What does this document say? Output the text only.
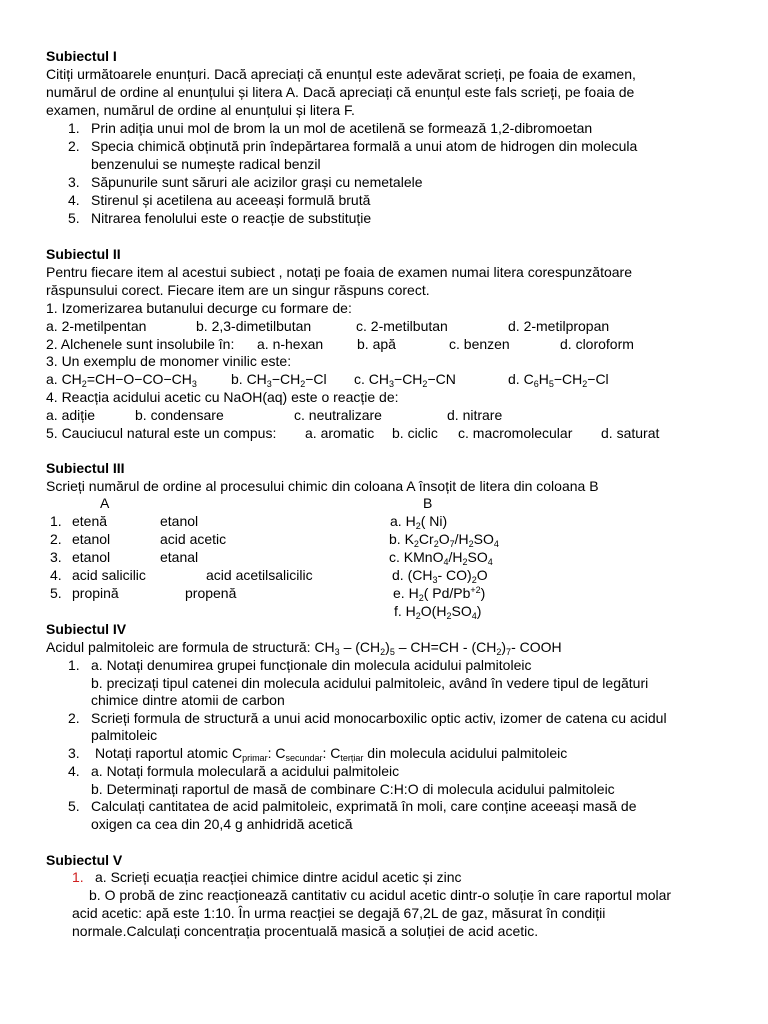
Subiectul I
Citiți următoarele enunțuri. Dacă apreciați că enunțul este adevărat scrieți, pe foaia de examen,
numărul de ordine al enunțului și litera A. Dacă apreciați că enunțul este fals scrieți, pe foaia de
examen, numărul de ordine al enunțului și litera F.
1. Prin adiția unui mol de brom la un mol de acetilenă se formează 1,2-dibromoetan
2. Specia chimică obținută prin îndepărtarea formală a unui atom de hidrogen din molecula
benzenului se numește radical benzil
3. Săpunurile sunt săruri ale acizilor grași cu nemetalele
4. Stirenul și acetilena au aceeași formulă brută
5. Nitrarea fenolului este o reacție de substituție
Subiectul II
Pentru fiecare item al acestui subiect , notați pe foaia de examen numai litera corespunzătoare
răspunsului corect. Fiecare item are un singur răspuns corect.
1. Izomerizarea butanului decurge cu formare de:
a. 2-metilpentan	b. 2,3-dimetilbutan	c. 2-metilbutan	d. 2-metilpropan
2. Alchenele sunt insolubile în: a. n-hexan b. apă	c. benzen	d. cloroform
3. Un exemplu de monomer vinilic este:
a. $CH_2=CH-O-CO-CH_3$ b. $CH_3-CH_2-Cl$ c. $CH_3-CH_2-CN$	d. $C_6H_5-CH_2-Cl$
4. Reacția acidului acetic cu NaOH(aq) este o reacție de:
a. adiție	b. condensare	c. neutralizare	d. nitrare
5. Cauciucul natural este un compus: a. aromatic b. ciclic c. macromolecular d. saturat
Subiectul III
Scrieți numărul de ordine al procesului chimic din coloana A însoțit de litera din coloana B
A	B
1. etenă	etanol	a. $H_2$( Ni)
2. etanol	acid acetic	b. $K_2Cr_2O_7/H_2SO_4$
3. etanol	etanal	c. $KMnO_4/H_2SO_4$
4. acid salicilic	acid acetilsalicilic	d. ($CH_3-$ $CO)_2O$
5. propină	propenă	e. $H_2$( $Pd/Pb^{+2}$)
f. $H_2O(H_2SO_4)$
Subiectul IV
Acidul palmitoleic are formula de structură: $CH_3 - (CH_2)_5 - CH=CH - (CH_2)_7-$ COOH
1. a. Notați denumirea grupei funcționale din molecula acidului palmitoleic
b. precizați tipul catenei din molecula acidului palmitoleic, având în vedere tipul de legături
chimice dintre atomii de carbon
2. Scrieți formula de structură a unui acid monocarboxilic optic activ, izomer de catena cu acidul
palmitoleic
3. Notați raportul atomic $C_{primar}$: $C_{secundar}$: $C_{terțiar}$ din molecula acidului palmitoleic
4. a. Notați formula moleculară a acidului palmitoleic
b. Determinați raportul de masă de combinare C:H:O di molecula acidului palmitoleic
5. Calculați cantitatea de acid palmitoleic, exprimată în moli, care conține aceeași masă de
oxigen ca cea din 20,4 g anhidridă acetică
Subiectul V
1. a. Scrieți ecuația reacției chimice dintre acidul acetic și zinc
b. O probă de zinc reacționează cantitativ cu acidul acetic dintr-o soluție în care raportul molar
acid acetic: apă este 1:10. În urma reacției se degajă 67,2L de gaz, măsurat în condiții
normale.Calculați concentrația procentuală masică a soluției de acid acetic.
